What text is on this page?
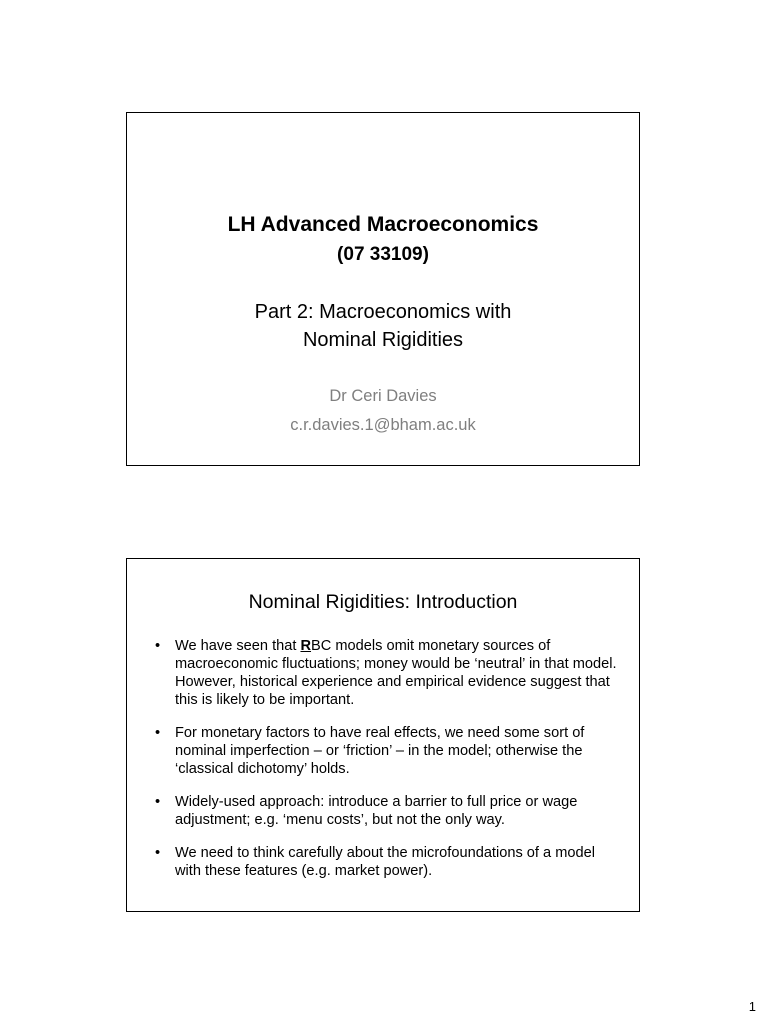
LH Advanced Macroeconomics
(07 33109)
Part 2: Macroeconomics with
Nominal Rigidities
Dr Ceri Davies
c.r.davies.1@bham.ac.uk
Nominal Rigidities: Introduction
• We have seen that RBC models omit monetary sources of macroeconomic fluctuations; money would be ‘neutral’ in that model. However, historical experience and empirical evidence suggest that this is likely to be important.
• For monetary factors to have real effects, we need some sort of nominal imperfection – or ‘friction’ – in the model; otherwise the ‘classical dichotomy’ holds.
• Widely-used approach: introduce a barrier to full price or wage adjustment; e.g. ‘menu costs’, but not the only way.
• We need to think carefully about the microfoundations of a model with these features (e.g. market power).
1
